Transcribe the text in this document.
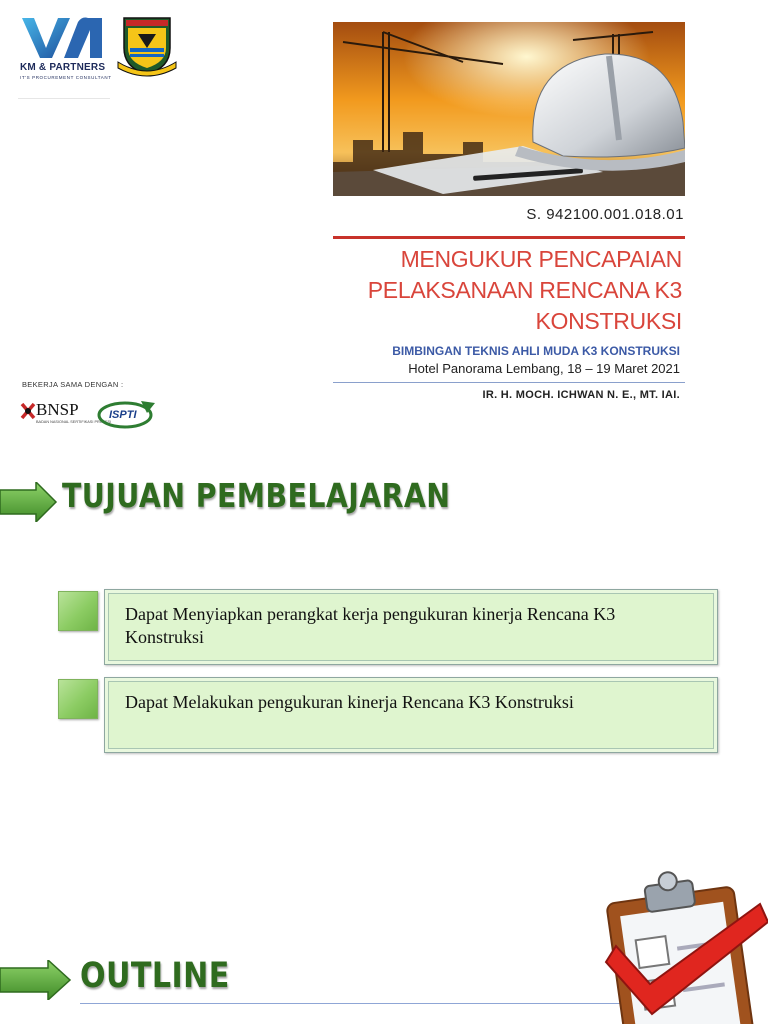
KM & PARTNERS
IT'S PROCUREMENT CONSULTANT
S. 942100.001.018.01
MENGUKUR PENCAPAIAN
PELAKSANAAN RENCANA K3
KONSTRUKSI
BIMBINGAN TEKNIS AHLI MUDA K3 KONSTRUKSI
Hotel Panorama Lembang, 18 – 19 Maret 2021
IR. H. MOCH. ICHWAN N. E., MT. IAI.
BEKERJA SAMA DENGAN :
BNSP
BADAN NASIONAL SERTIFIKASI PROFESI
ISPTI
TUJUAN PEMBELAJARAN
Dapat Menyiapkan perangkat kerja pengukuran kinerja Rencana K3 Konstruksi
Dapat Melakukan pengukuran kinerja Rencana K3 Konstruksi
OUTLINE
